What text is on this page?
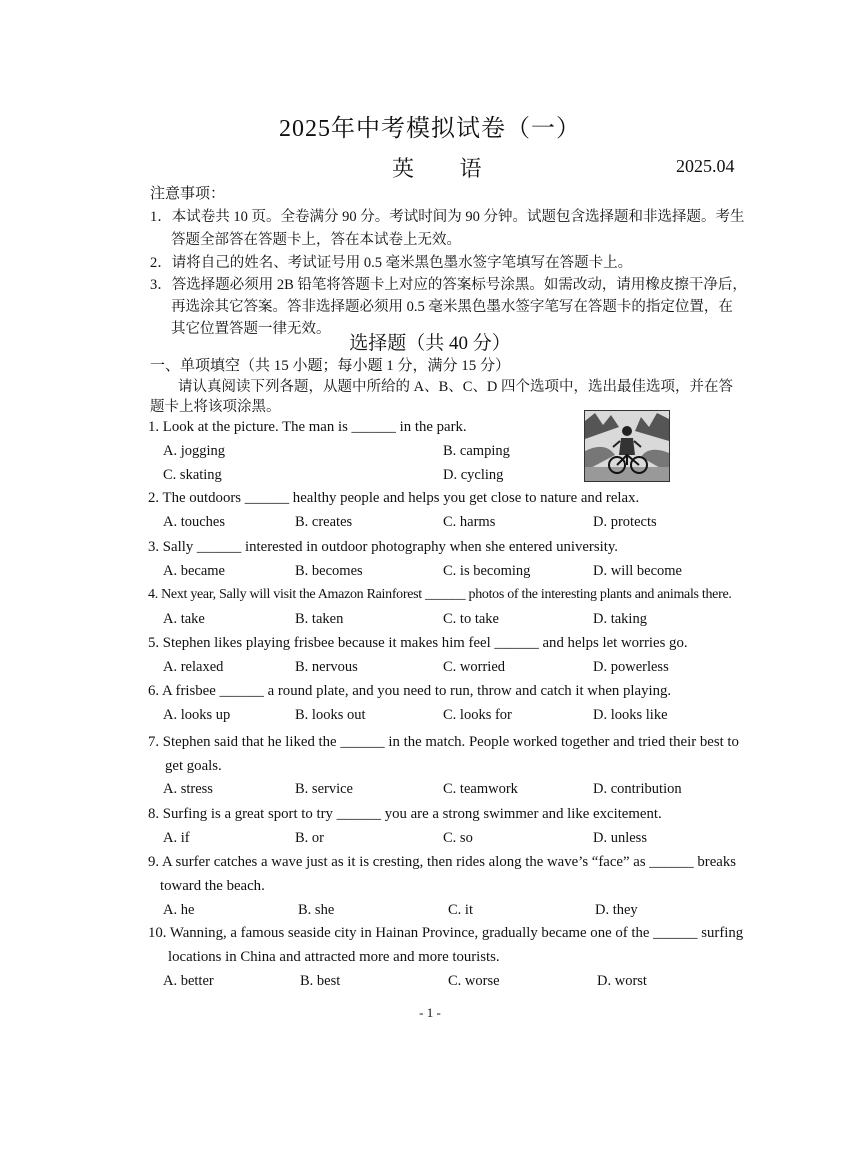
2025年中考模拟试卷（一）
英 语	2025.04
注意事项：
1．本试卷共 10 页。全卷满分 90 分。考试时间为 90 分钟。试题包含选择题和非选择题。考生
答题全部答在答题卡上，答在本试卷上无效。
2．请将自己的姓名、考试证号用 0.5 毫米黑色墨水签字笔填写在答题卡上。
3．答选择题必须用 2B 铅笔将答题卡上对应的答案标号涂黑。如需改动，请用橡皮擦干净后，
再选涂其它答案。答非选择题必须用 0.5 毫米黑色墨水签字笔写在答题卡的指定位置，在
其它位置答题一律无效。
选择题（共 40 分）
一、单项填空（共 15 小题；每小题 1 分，满分 15 分）
请认真阅读下列各题，从题中所给的 A、B、C、D 四个选项中，选出最佳选项，并在答
题卡上将该项涂黑。
1. Look at the picture. The man is ______ in the park.
A. jogging	B. camping
C. skating	D. cycling
2. The outdoors ______ healthy people and helps you get close to nature and relax.
A. touches	B. creates	C. harms	D. protects
3. Sally ______ interested in outdoor photography when she entered university.
A. became	B. becomes	C. is becoming	D. will become
4. Next year, Sally will visit the Amazon Rainforest ______ photos of the interesting plants and animals there.
A. take	B. taken	C. to take	D. taking
5. Stephen likes playing frisbee because it makes him feel ______ and helps let worries go.
A. relaxed	B. nervous	C. worried	D. powerless
6. A frisbee ______ a round plate, and you need to run, throw and catch it when playing.
A. looks up	B. looks out	C. looks for	D. looks like
7. Stephen said that he liked the ______ in the match. People worked together and tried their best to
get goals.
A. stress	B. service	C. teamwork	D. contribution
8. Surfing is a great sport to try ______ you are a strong swimmer and like excitement.
A. if	B. or	C. so	D. unless
9. A surfer catches a wave just as it is cresting, then rides along the wave’s “face” as ______ breaks
toward the beach.
A. he	B. she	C. it	D. they
10. Wanning, a famous seaside city in Hainan Province, gradually became one of the ______ surfing
locations in China and attracted more and more tourists.
A. better	B. best	C. worse	D. worst
- 1 -
